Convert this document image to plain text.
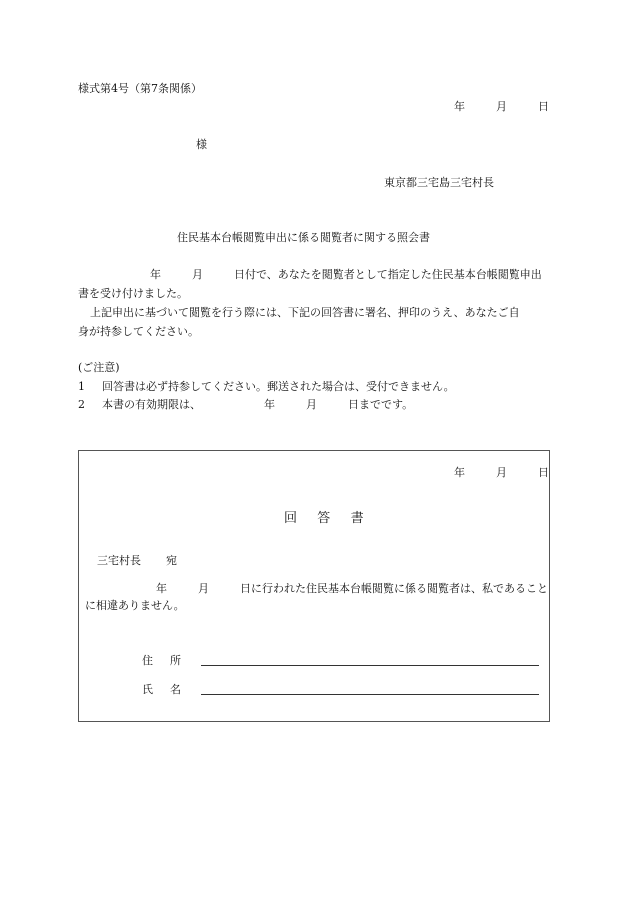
様式第4号（第7条関係）
年	月	日
様
東京都三宅島三宅村長
住民基本台帳閲覧申出に係る閲覧者に関する照会書
年	月	日付で、あなたを閲覧者として指定した住民基本台帳閲覧申出
書を受け付けました。
上記申出に基づいて閲覧を行う際には、下記の回答書に署名、押印のうえ、あなたご自
身が持参してください。
(ご注意)
1 回答書は必ず持参してください。郵送された場合は、受付できません。
2 本書の有効期限は、	年	月	日までです。
年	月	日
回 答 書
三宅村長 宛
年	月	日に行われた住民基本台帳閲覧に係る閲覧者は、私であること
に相違ありません。
住 所
氏 名
